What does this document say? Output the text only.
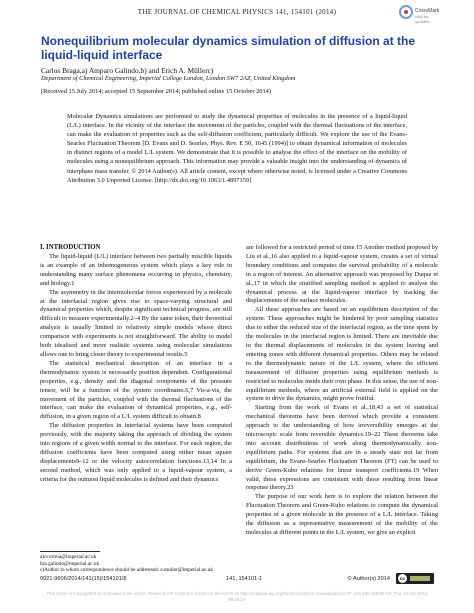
THE JOURNAL OF CHEMICAL PHYSICS 141, 154101 (2014)	CrossMark
click for updates
Nonequilibrium molecular dynamics simulation of diffusion at the liquid-liquid interface
Carlos Braga,a) Amparo Galindo,b) and Erich A. Müllerc)
Department of Chemical Engineering, Imperial College London, London SW7 2AZ, United Kingdom
(Received 15 July 2014; accepted 15 September 2014; published online 15 October 2014)
Molecular Dynamics simulations are performed to study the dynamical properties of molecules in the presence of a liquid-liquid (L/L) interface. In the vicinity of the interface the movement of the particles, coupled with the thermal fluctuations of the interface, can make the evaluation of properties such as the self-diffusion coefficient, particularly difficult. We explore the use of the Evans-Searles Fluctuation Theorem [D. Evans and D. Searles, Phys. Rev. E 50, 1645 (1994)] to obtain dynamical information of molecules in distinct regions of a model L/L system. We demonstrate that it is possible to analyse the effect of the interface on the mobility of molecules using a nonequilibrium approach. This information may provide a valuable insight into the understanding of dynamics of interphase mass transfer. © 2014 Author(s). All article content, except where otherwise noted, is licensed under a Creative Commons Attribution 3.0 Unported License. [http://dx.doi.org/10.1063/1.4897159]
I. INTRODUCTION

The liquid-liquid (L/L) interface between two partially miscible liquids is an example of an inhomogeneous system which plays a key role in understanding many surface phenomena occurring in physics, chemistry, and biology.1

The asymmetry in the intermolecular forces experienced by a molecule at the interfacial region gives rise to space-varying structural and dynamical properties which, despite significant technical progress, are still difficult to measure experimentally.2–4 By the same token, their theoretical analysis is usually limited to relatively simple models whose direct comparison with experiments is not straightforward. The ability to model both idealised and more realistic systems using molecular simulations allows one to bring closer theory to experimental results.5

The statistical mechanical description of an interface in a thermodynamic system is necessarily position dependent. Configurational properties, e.g., density and the diagonal components of the pressure tensor, will be a function of the system coordinates.6,7 Vis-a-vis, the movement of the particles, coupled with the thermal fluctuations of the interface, can make the evaluation of dynamical properties, e.g., self-diffusion, in a given region of a L/L system difficult to obtain.8

The diffusion properties in interfacial systems have been computed previously, with the majority taking the approach of dividing the system into regions of a given width normal to the interface. For each region, the diffusion coefficients have been computed using either mean square displacements9–12 or the velocity autocorrelation functions.13,14 In a second method, which was only applied to a liquid-vapour system, a criteria for the outmost liquid molecules is defined and their dynamics

are followed for a restricted period of time.15 Another method proposed by Liu et al.,16 also applied to a liquid-vapour system, creates a set of virtual boundary conditions and computes the survival probability of a molecule in a region of interest. An alternative approach was proposed by Duque et al.,17 in which the stratified sampling method is applied to analyse the dynamical process at the liquid-vapour interface by tracking the displacements of the surface molecules.

All these approaches are based on an equilibrium description of the system. These approaches might be hindered by poor sampling statistics due to either the reduced size of the interfacial region, as the time spent by the molecules in the interfacial region is limited. There are inevitable due to the thermal displacements of molecules in the system leaving and entering zones with different dynamical properties. Others may be related to the thermodynamic nature of the L/L system, where the efficient measurement of diffusion properties using equilibrium methods is restricted to molecules inside their own phase. In this sense, the use of non-equilibrium methods, where an artificial external field is applied on the system to drive the dynamics, might prove fruitful.

Starting from the work of Evans et al.,18,43 a set of statistical mechanical theorems have been derived which provide a consistent approach to the understanding of how irreversibility emerges at the microscopic scale from reversible dynamics.19–22 These theorems take into account distributions of work along thermodynamically non-equilibrium paths. For systems that are in a steady state not far from equilibrium, the Evans-Searles Fluctuation Theorem (FT) can be used to derive Green-Kubo relations for linear transport coefficients.19 When valid, these expressions are consistent with those resulting from linear response theory.23

The purpose of our work here is to explore the relation between the Fluctuation Theorem and Green-Kubo relations to compute the dynamical properties of a given molecule in the presence of a L/L interface. Taking the diffusion as a representative measurement of the mobility of the molecules at different points in the L/L system, we give an explicit

a)ccorreia@imperial.ac.uk
b)a.galindo@imperial.ac.uk
c)Author to whom correspondence should be addressed. e.muller@imperial.ac.uk
0021-9606/2014/141(15)/154101/8	141, 154101-1	© Author(s) 2014	cc
This article is copyrighted as indicated in the article. Reuse of AIP content is subject to the terms at: http://scitation.aip.org/termsconditions. Downloaded to IP: 155.198.198.99 On: Thu, 16 Oct 2014 09:43:19
